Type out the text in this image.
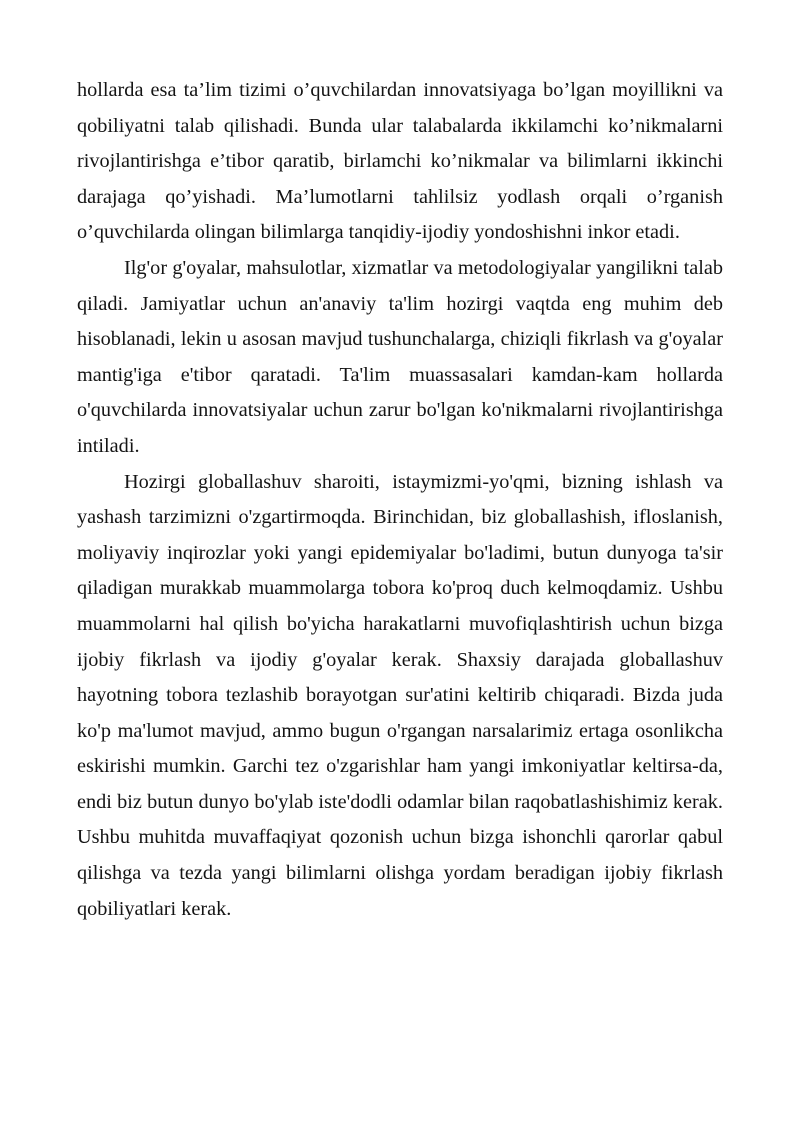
hollarda esa ta’lim tizimi o’quvchilardan innovatsiyaga bo’lgan moyillikni va qobiliyatni talab qilishadi. Bunda ular talabalarda ikkilamchi ko’nikmalarni rivojlantirishga e’tibor qaratib, birlamchi ko’nikmalar va bilimlarni ikkinchi darajaga qo’yishadi. Ma’lumotlarni tahlilsiz yodlash orqali o’rganish o’quvchilarda olingan bilimlarga tanqidiy-ijodiy yondoshishni inkor etadi.

Ilg'or g'oyalar, mahsulotlar, xizmatlar va metodologiyalar yangilikni talab qiladi. Jamiyatlar uchun an'anaviy ta'lim hozirgi vaqtda eng muhim deb hisoblanadi, lekin u asosan mavjud tushunchalarga, chiziqli fikrlash va g'oyalar mantig'iga e'tibor qaratadi. Ta'lim muassasalari kamdan-kam hollarda o'quvchilarda innovatsiyalar uchun zarur bo'lgan ko'nikmalarni rivojlantirishga intiladi.

Hozirgi globallashuv sharoiti, istaymizmi-yo'qmi, bizning ishlash va yashash tarzimizni o'zgartirmoqda. Birinchidan, biz globallashish, ifloslanish, moliyaviy inqirozlar yoki yangi epidemiyalar bo'ladimi, butun dunyoga ta'sir qiladigan murakkab muammolarga tobora ko'proq duch kelmoqdamiz. Ushbu muammolarni hal qilish bo'yicha harakatlarni muvofiqlashtirish uchun bizga ijobiy fikrlash va ijodiy g'oyalar kerak. Shaxsiy darajada globallashuv hayotning tobora tezlashib borayotgan sur'atini keltirib chiqaradi. Bizda juda ko'p ma'lumot mavjud, ammo bugun o'rgangan narsalarimiz ertaga osonlikcha eskirishi mumkin. Garchi tez o'zgarishlar ham yangi imkoniyatlar keltirsa-da, endi biz butun dunyo bo'ylab iste'dodli odamlar bilan raqobatlashishimiz kerak. Ushbu muhitda muvaffaqiyat qozonish uchun bizga ishonchli qarorlar qabul qilishga va tezda yangi bilimlarni olishga yordam beradigan ijobiy fikrlash qobiliyatlari kerak.
